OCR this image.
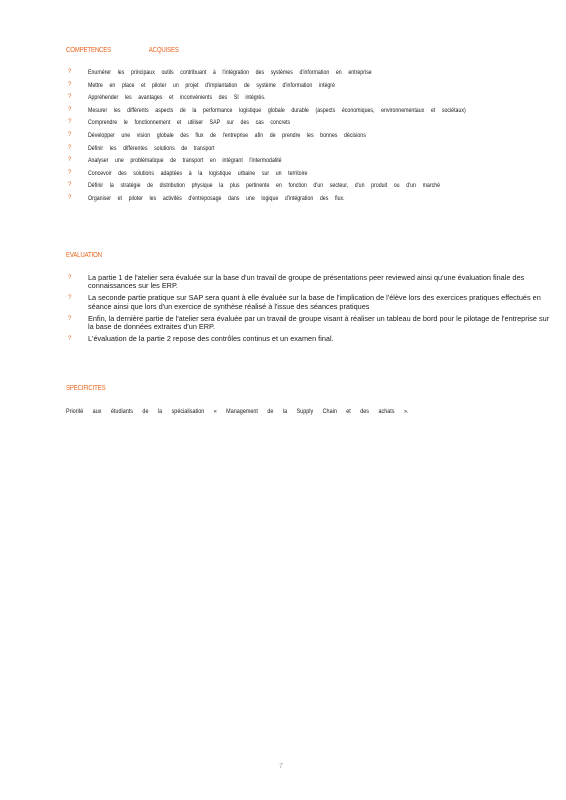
COMPETENCES	ACQUISES
?	Enumérer les principaux outils contribuant à l'intégration des systèmes d'information en entreprise
?	Mettre en place et piloter un projet d'implantation de système d'information intégré
?	Appréhender les avantages et inconvénients des SI intégrés.
?	Mesurer les différents aspects de la performance logistique globale durable (aspects économiques, environnementaux et sociétaux)
?	Comprendre le fonctionnement et utiliser SAP sur des cas concrets
?	Développer une vision globale des flux de l'entreprise afin de prendre les bonnes décisions
?	Définir les différentes solutions de transport
?	Analyser une problématique de transport en intégrant l'intermodalité
?	Concevoir des solutions adaptées à la logistique urbaine sur un territoire
?	Définir la stratégie de distribution physique la plus pertinente en fonction d'un secteur, d'un produit ou d'un marché
?	Organiser et piloter les activités d'entreposage dans une logique d'intégration des flux.
EVALUATION
? La partie 1 de l'atelier sera évaluée sur la base d'un travail de groupe de présentations peer reviewed ainsi qu'une évaluation finale des connaissances sur les ERP.
? La seconde partie pratique sur SAP sera quant à elle évaluée sur la base de l'implication de l'élève lors des exercices pratiques effectués en séance ainsi que lors d'un exercice de synthèse réalisé à l'issue des séances pratiques
? Enfin, la dernière partie de l'atelier sera évaluée par un travail de groupe visant à réaliser un tableau de bord pour le pilotage de l'entreprise sur la base de données extraites d'un ERP.
? L'évaluation de la partie 2 repose des contrôles continus et un examen final.
SPECIFICITES
Priorité aux étudiants de la spécialisation « Management de la Supply Chain et des achats ».
7
